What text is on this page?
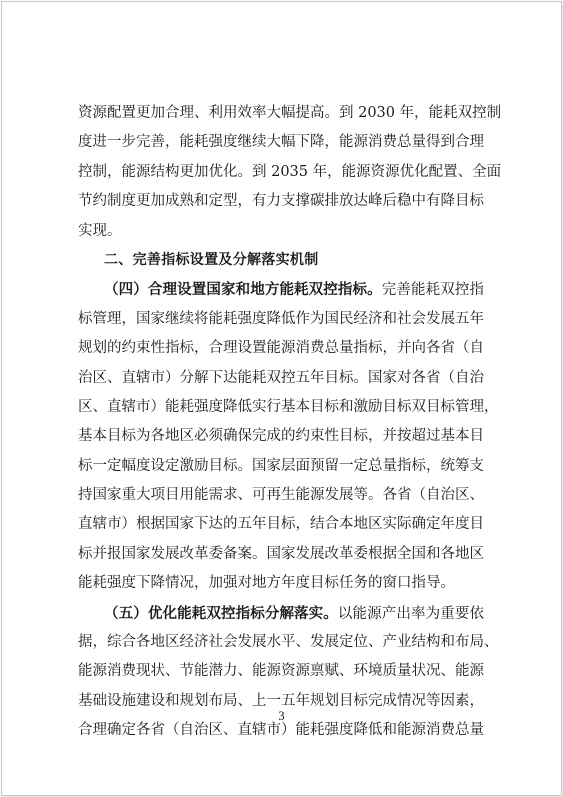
资源配置更加合理、利用效率大幅提高。到 2030 年，能耗双控制
度进一步完善，能耗强度继续大幅下降，能源消费总量得到合理
控制，能源结构更加优化。到 2035 年，能源资源优化配置、全面
节约制度更加成熟和定型，有力支撑碳排放达峰后稳中有降目标
实现。
二、完善指标设置及分解落实机制
（四）合理设置国家和地方能耗双控指标。完善能耗双控指
标管理，国家继续将能耗强度降低作为国民经济和社会发展五年
规划的约束性指标，合理设置能源消费总量指标，并向各省（自
治区、直辖市）分解下达能耗双控五年目标。国家对各省（自治
区、直辖市）能耗强度降低实行基本目标和激励目标双目标管理，
基本目标为各地区必须确保完成的约束性目标，并按超过基本目
标一定幅度设定激励目标。国家层面预留一定总量指标，统筹支
持国家重大项目用能需求、可再生能源发展等。各省（自治区、
直辖市）根据国家下达的五年目标，结合本地区实际确定年度目
标并报国家发展改革委备案。国家发展改革委根据全国和各地区
能耗强度下降情况，加强对地方年度目标任务的窗口指导。
（五）优化能耗双控指标分解落实。以能源产出率为重要依
据，综合各地区经济社会发展水平、发展定位、产业结构和布局、
能源消费现状、节能潜力、能源资源禀赋、环境质量状况、能源
基础设施建设和规划布局、上一五年规划目标完成情况等因素，
合理确定各省（自治区、直辖市）能耗强度降低和能源消费总量
3
